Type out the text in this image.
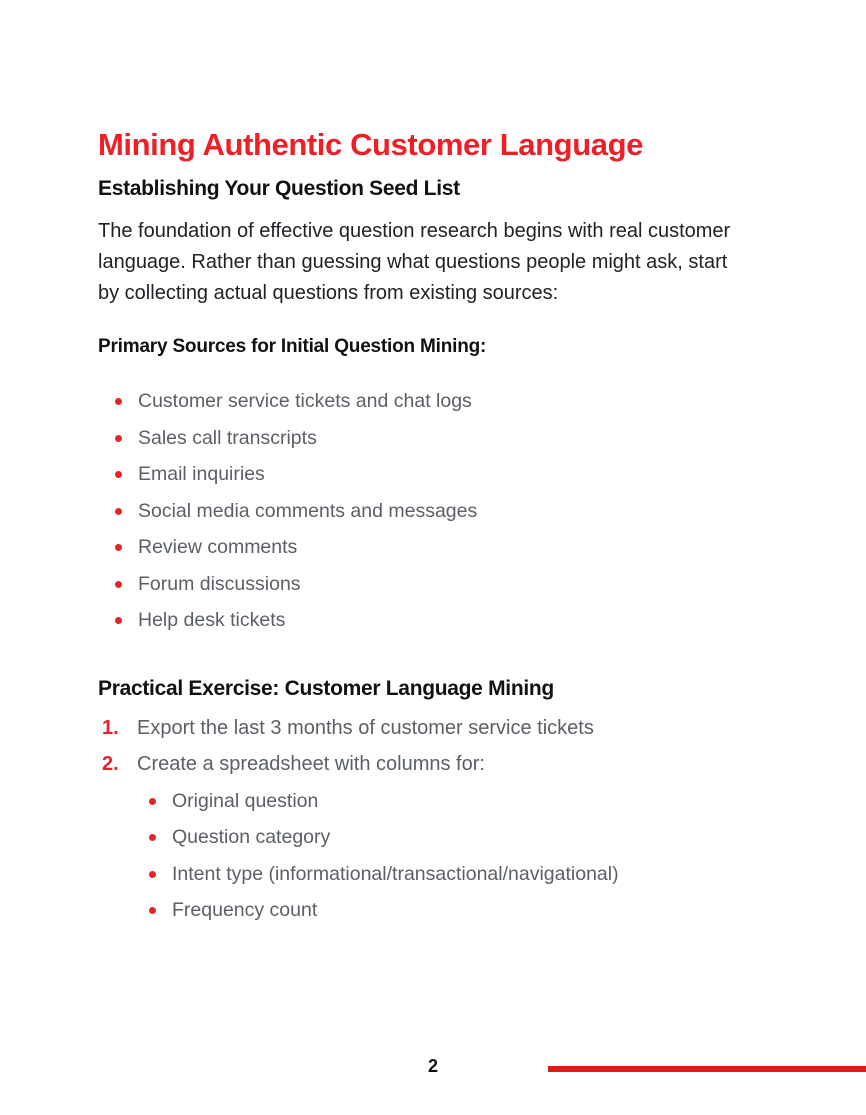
Mining Authentic Customer Language
Establishing Your Question Seed List

The foundation of effective question research begins with real customer language. Rather than guessing what questions people might ask, start by collecting actual questions from existing sources:

Primary Sources for Initial Question Mining:
Customer service tickets and chat logs
Sales call transcripts
Email inquiries
Social media comments and messages
Review comments
Forum discussions
Help desk tickets
Practical Exercise: Customer Language Mining
1. Export the last 3 months of customer service tickets
2. Create a spreadsheet with columns for:
Original question
Question category
Intent type (informational/transactional/navigational)
Frequency count
2
